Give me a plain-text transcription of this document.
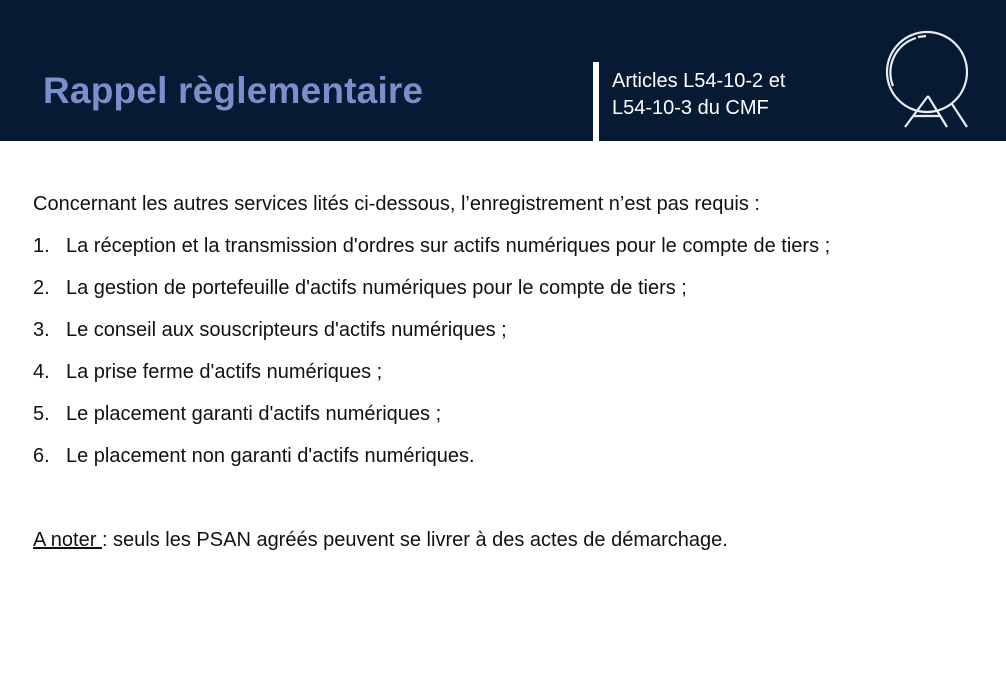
Rappel règlementaire	Articles L54-10-2 et
L54-10-3 du CMF
Concernant les autres services lités ci-dessous, l’enregistrement n’est pas requis :
1. La réception et la transmission d'ordres sur actifs numériques pour le compte de tiers ;
2. La gestion de portefeuille d'actifs numériques pour le compte de tiers ;
3. Le conseil aux souscripteurs d'actifs numériques ;
4. La prise ferme d'actifs numériques ;
5. Le placement garanti d'actifs numériques ;
6. Le placement non garanti d'actifs numériques.
A noter : seuls les PSAN agréés peuvent se livrer à des actes de démarchage.
